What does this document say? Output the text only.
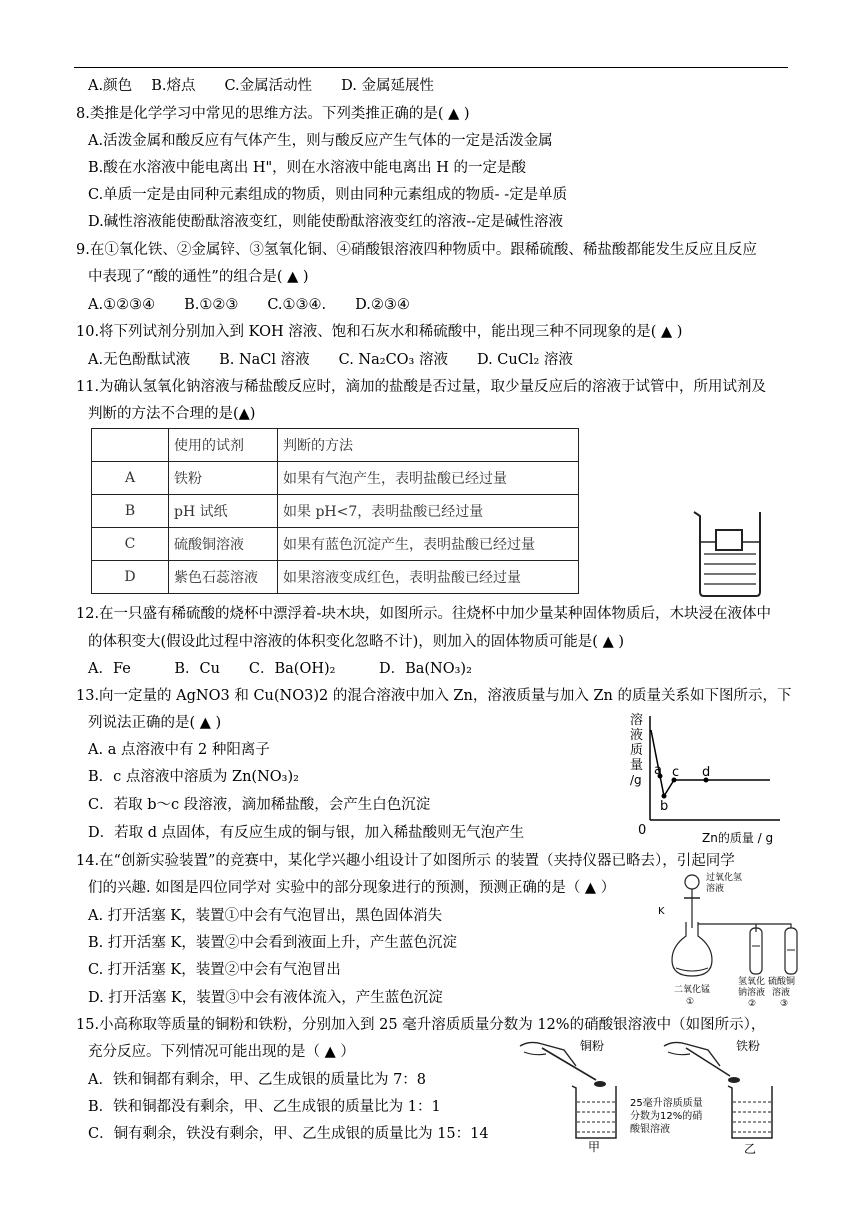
A.颜色　 B.熔点　　C.金属活动性　　D. 金属延展性
8.类推是化学学习中常见的思维方法。下列类推正确的是( ▲ )
A.活泼金属和酸反应有气体产生，则与酸反应产生气体的一定是活泼金属
B.酸在水溶液中能电离出 H"，则在水溶液中能电离出 H 的一定是酸
C.单质一定是由同种元素组成的物质，则由同种元素组成的物质- -定是单质
D.碱性溶液能使酚酞溶液变红，则能使酚酞溶液变红的溶液--定是碱性溶液
9.在①氧化铁、②金属锌、③氢氧化铜、④硝酸银溶液四种物质中。跟稀硫酸、稀盐酸都能发生反应且反应
中表现了“酸的通性”的组合是( ▲ )
A.①②③④　　B.①②③　　C.①③④.　　D.②③④
10.将下列试剂分别加入到 KOH 溶液、饱和石灰水和稀硫酸中，能出现三种不同现象的是( ▲ )
A.无色酚酞试液　　B. NaCl 溶液　　C. Na₂CO₃ 溶液　　D. CuCl₂ 溶液
11.为确认氢氧化钠溶液与稀盐酸反应时，滴加的盐酸是否过量，取少量反应后的溶液于试管中，所用试剂及
判断的方法不合理的是(▲)
	使用的试剂	判断的方法
A	铁粉	如果有气泡产生，表明盐酸已经过量
B	pH 试纸	如果 pH<7，表明盐酸已经过量
C	硫酸铜溶液	如果有蓝色沉淀产生，表明盐酸已经过量
D	紫色石蕊溶液	如果溶液变成红色，表明盐酸已经过量
12.在一只盛有稀硫酸的烧杯中漂浮着-块木块，如图所示。往烧杯中加少量某种固体物质后，木块浸在液体中
的体积变大(假设此过程中溶液的体积变化忽略不计)，则加入的固体物质可能是( ▲ )
A．Fe　　　B．Cu　　C．Ba(OH)₂　　　D．Ba(NO₃)₂
13.向一定量的 AgNO3 和 Cu(NO3)2 的混合溶液中加入 Zn，溶液质量与加入 Zn 的质量关系如下图所示，下
列说法正确的是( ▲ )
A. a 点溶液中有 2 种阳离子
B．c 点溶液中溶质为 Zn(NO₃)₂
C．若取 b～c 段溶液，滴加稀盐酸，会产生白色沉淀
D．若取 d 点固体，有反应生成的铜与银，加入稀盐酸则无气泡产生
溶
液
质
量
/g
a
b
c d
0	Zn的质量 / g
14.在“创新实验装置”的竞赛中，某化学兴趣小组设计了如图所示 的装置（夹持仪器已略去），引起同学
们的兴趣. 如图是四位同学对 实验中的部分现象进行的预测，预测正确的是（ ▲ ）
A. 打开活塞 K，装置①中会有气泡冒出，黑色固体消失
B. 打开活塞 K，装置②中会看到液面上升，产生蓝色沉淀
C. 打开活塞 K，装置②中会有气泡冒出
D. 打开活塞 K，装置③中会有液体流入，产生蓝色沉淀
过氧化氢
溶液
K
二氧化锰
①
氢氧化
钠溶液
②
硫酸铜
溶液
③
15.小高称取等质量的铜粉和铁粉，分别加入到 25 毫升溶质质量分数为 12%的硝酸银溶液中（如图所示），
充分反应。下列情况可能出现的是（ ▲ ）
A．铁和铜都有剩余，甲、乙生成银的质量比为 7：8
B．铁和铜都没有剩余，甲、乙生成银的质量比为 1：1
C．铜有剩余，铁没有剩余，甲、乙生成银的质量比为 15：14
铜粉	铁粉
甲
25毫升溶质质量
分数为12%的硝
酸银溶液
乙
